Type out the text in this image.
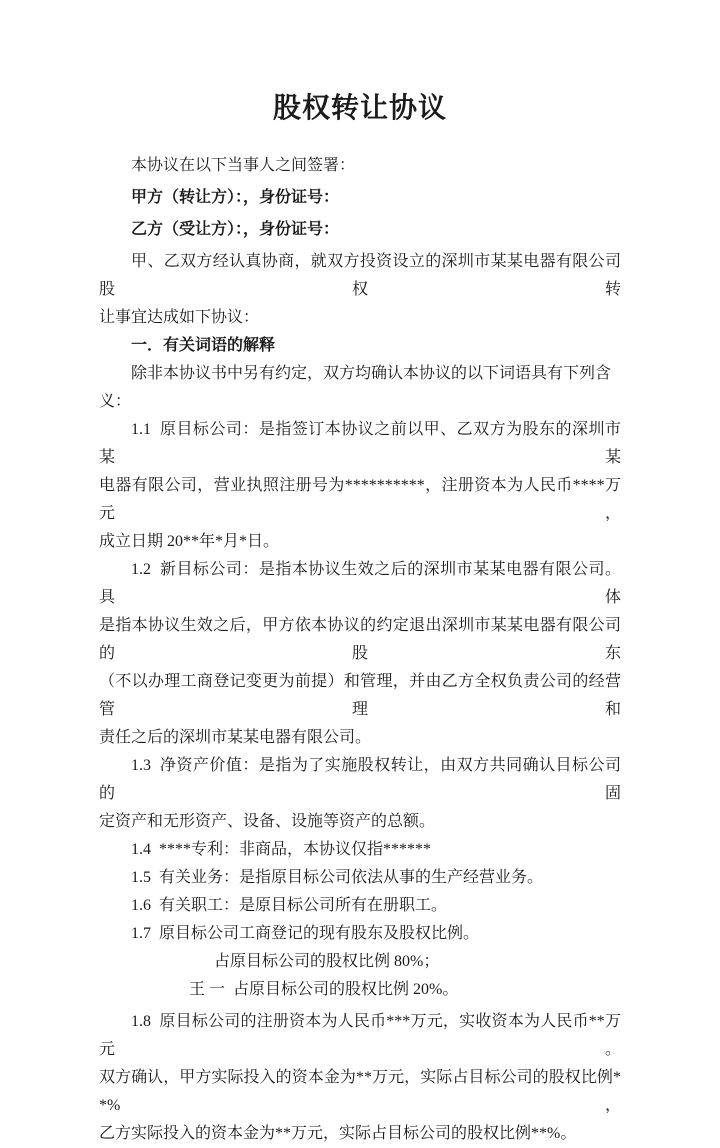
股权转让协议
本协议在以下当事人之间签署：
甲方（转让方）：，身份证号：
乙方（受让方）：，身份证号：
甲、乙双方经认真协商，就双方投资设立的深圳市某某电器有限公司股权转
让事宜达成如下协议：
一．有关词语的解释
除非本协议书中另有约定，双方均确认本协议的以下词语具有下列含义：
1.1  原目标公司：是指签订本协议之前以甲、乙双方为股东的深圳市某某
电器有限公司，营业执照注册号为**********，注册资本为人民币****万元，
成立日期 20**年*月*日。
1.2  新目标公司：是指本协议生效之后的深圳市某某电器有限公司。具体
是指本协议生效之后，甲方依本协议的约定退出深圳市某某电器有限公司的股东
（不以办理工商登记变更为前提）和管理，并由乙方全权负责公司的经营管理和
责任之后的深圳市某某电器有限公司。
1.3  净资产价值：是指为了实施股权转让，由双方共同确认目标公司的固
定资产和无形资产、设备、设施等资产的总额。
1.4  ****专利：非商品，本协议仅指******
1.5  有关业务：是指原目标公司依法从事的生产经营业务。
1.6  有关职工：是原目标公司所有在册职工。
1.7  原目标公司工商登记的现有股东及股权比例。
占原目标公司的股权比例 80%；
王 一  占原目标公司的股权比例 20%。
1.8  原目标公司的注册资本为人民币***万元，实收资本为人民币**万元。
双方确认，甲方实际投入的资本金为**万元，实际占目标公司的股权比例**%，
乙方实际投入的资本金为**万元，实际占目标公司的股权比例**%。
